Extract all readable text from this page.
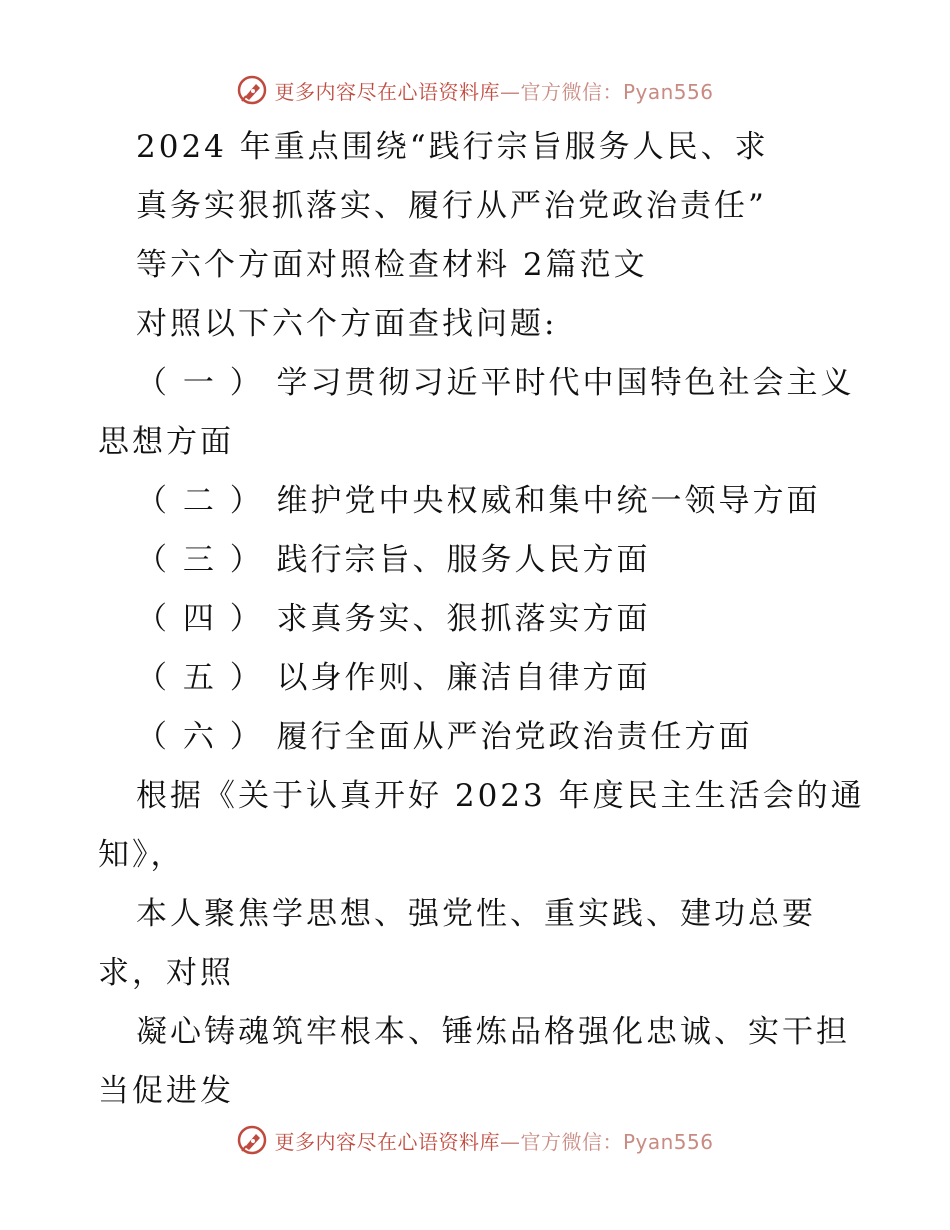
更多内容尽在心语资料库—官方微信：Pyan556
2024 年重点围绕“践行宗旨服务人民、求
真务实狠抓落实、履行从严治党政治责任”
等六个方面对照检查材料 2篇范文
对照以下六个方面查找问题:
（ 一 ） 学习贯彻习近平时代中国特色社会主义
思想方面
（ 二 ） 维护党中央权威和集中统一领导方面
（ 三 ） 践行宗旨、服务人民方面
（ 四 ） 求真务实、狠抓落实方面
（ 五 ） 以身作则、廉洁自律方面
（ 六 ） 履行全面从严治党政治责任方面
根据《关于认真开好 2023 年度民主生活会的通
知》，
本人聚焦学思想、强党性、重实践、建功总要
求，对照
凝心铸魂筑牢根本、锤炼品格强化忠诚、实干担
当促进发
更多内容尽在心语资料库—官方微信：Pyan556
